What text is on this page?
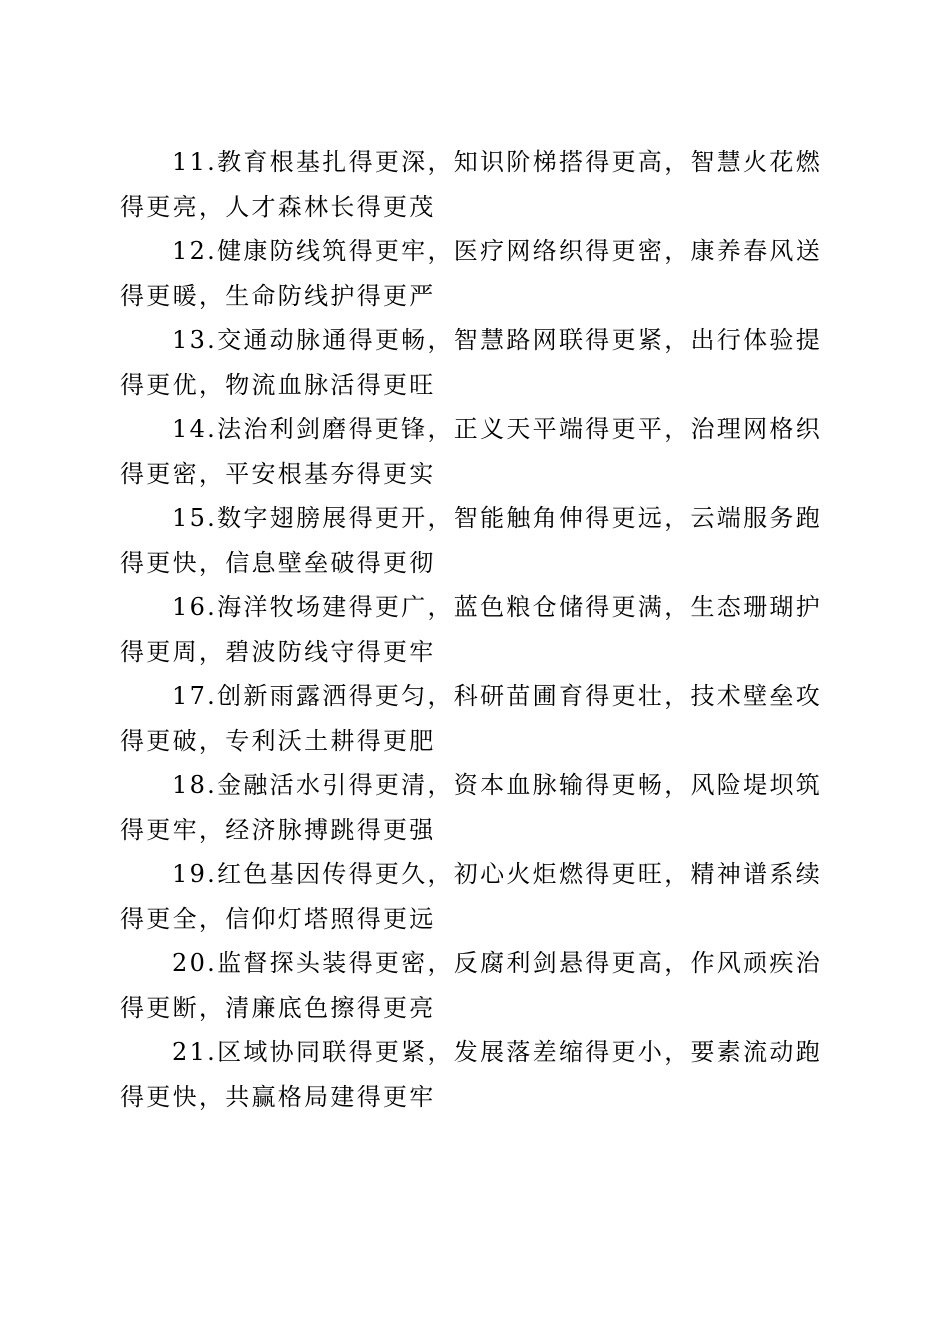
11.教育根基扎得更深，知识阶梯搭得更高，智慧火花燃得更亮，人才森林长得更茂

12.健康防线筑得更牢，医疗网络织得更密，康养春风送得更暖，生命防线护得更严

13.交通动脉通得更畅，智慧路网联得更紧，出行体验提得更优，物流血脉活得更旺

14.法治利剑磨得更锋，正义天平端得更平，治理网格织得更密，平安根基夯得更实

15.数字翅膀展得更开，智能触角伸得更远，云端服务跑得更快，信息壁垒破得更彻

16.海洋牧场建得更广，蓝色粮仓储得更满，生态珊瑚护得更周，碧波防线守得更牢

17.创新雨露洒得更匀，科研苗圃育得更壮，技术壁垒攻得更破，专利沃土耕得更肥

18.金融活水引得更清，资本血脉输得更畅，风险堤坝筑得更牢，经济脉搏跳得更强

19.红色基因传得更久，初心火炬燃得更旺，精神谱系续得更全，信仰灯塔照得更远

20.监督探头装得更密，反腐利剑悬得更高，作风顽疾治得更断，清廉底色擦得更亮

21.区域协同联得更紧，发展落差缩得更小，要素流动跑得更快，共赢格局建得更牢
